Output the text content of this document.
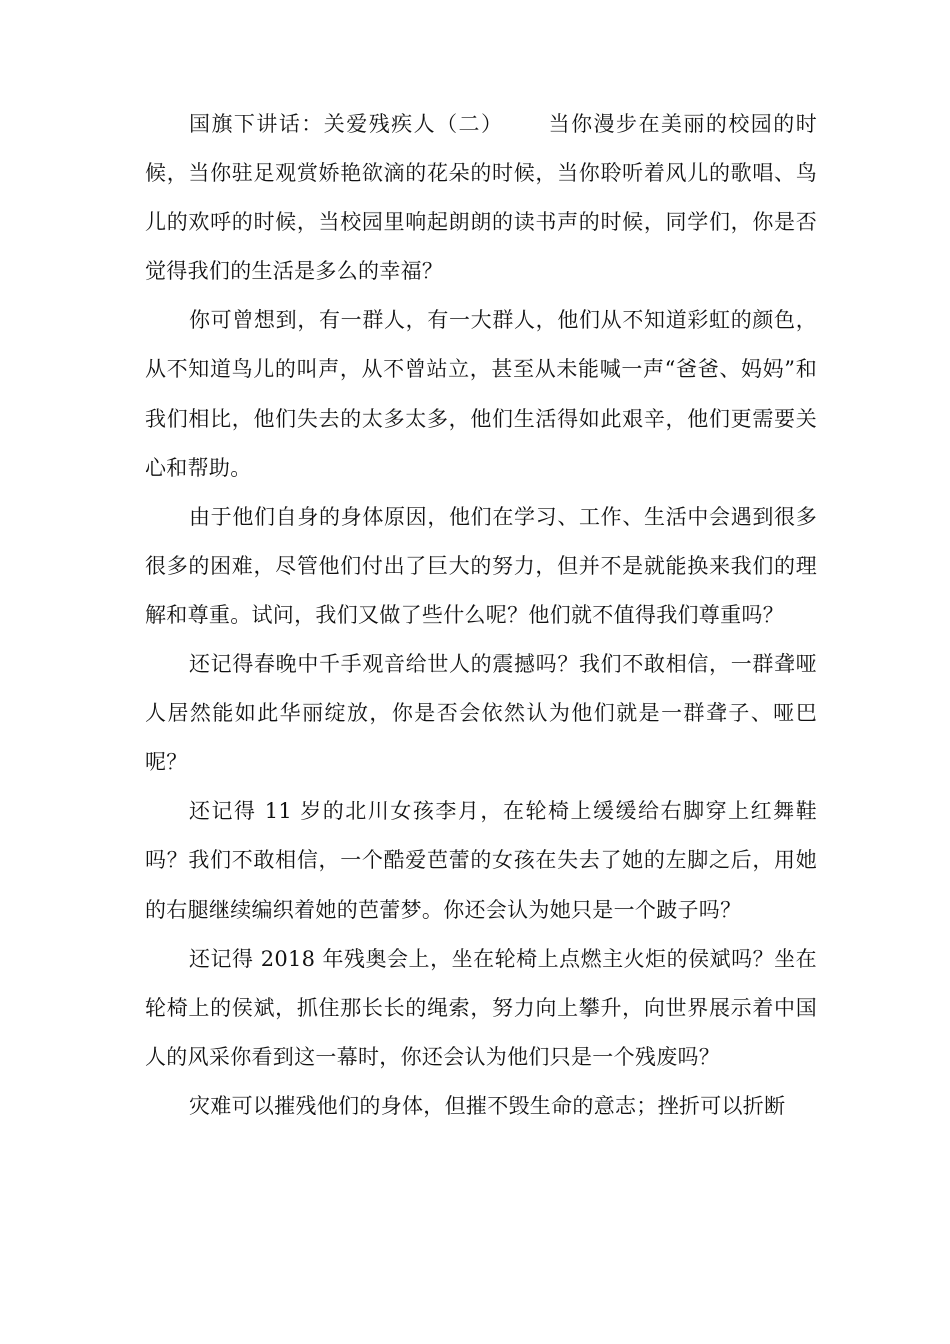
国旗下讲话：关爱残疾人（二） 当你漫步在美丽的校园的时候，当你驻足观赏娇艳欲滴的花朵的时候，当你聆听着风儿的歌唱、鸟儿的欢呼的时候，当校园里响起朗朗的读书声的时候，同学们，你是否觉得我们的生活是多么的幸福？

你可曾想到，有一群人，有一大群人，他们从不知道彩虹的颜色，从不知道鸟儿的叫声，从不曾站立，甚至从未能喊一声“爸爸、妈妈”和我们相比，他们失去的太多太多，他们生活得如此艰辛，他们更需要关心和帮助。

由于他们自身的身体原因，他们在学习、工作、生活中会遇到很多很多的困难，尽管他们付出了巨大的努力，但并不是就能换来我们的理解和尊重。试问，我们又做了些什么呢？他们就不值得我们尊重吗？

还记得春晚中千手观音给世人的震撼吗？我们不敢相信，一群聋哑人居然能如此华丽绽放，你是否会依然认为他们就是一群聋子、哑巴呢？

还记得 11 岁的北川女孩李月，在轮椅上缓缓给右脚穿上红舞鞋吗？我们不敢相信，一个酷爱芭蕾的女孩在失去了她的左脚之后，用她的右腿继续编织着她的芭蕾梦。你还会认为她只是一个跛子吗？

还记得 2018 年残奥会上，坐在轮椅上点燃主火炬的侯斌吗？坐在轮椅上的侯斌，抓住那长长的绳索，努力向上攀升，向世界展示着中国人的风采你看到这一幕时，你还会认为他们只是一个残废吗？

灾难可以摧残他们的身体，但摧不毁生命的意志；挫折可以折断
